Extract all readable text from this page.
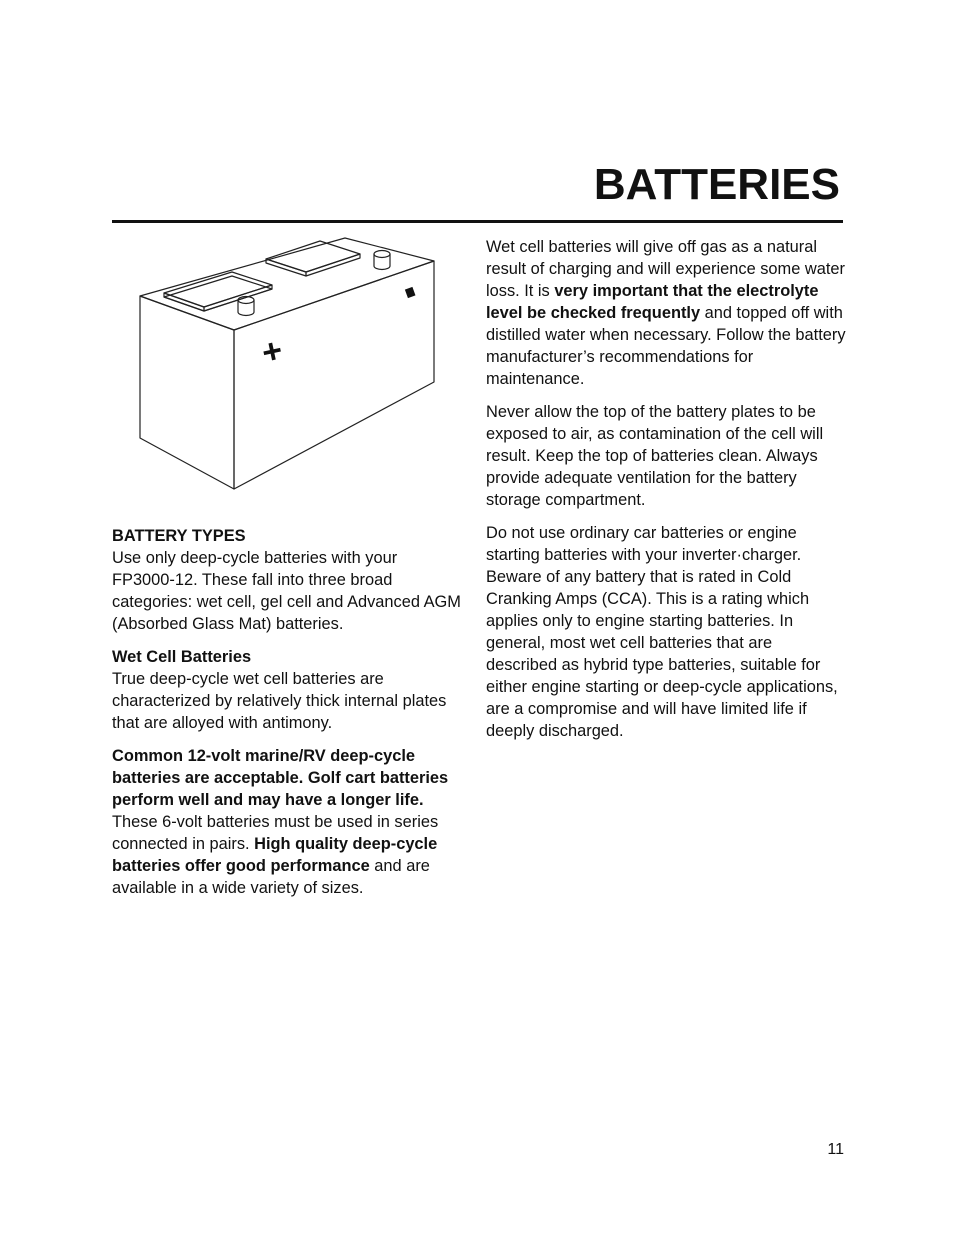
BATTERIES
+
BATTERY TYPES

Use only deep-cycle batteries with your FP3000-12. These fall into three broad categories: wet cell, gel cell and Advanced AGM (Absorbed Glass Mat) batteries.

Wet Cell Batteries

True deep-cycle wet cell batteries are characterized by relatively thick internal plates that are alloyed with antimony.

Common 12-volt marine/RV deep-cycle batteries are acceptable. Golf cart batteries perform well and may have a longer life. These 6-volt batteries must be used in series connected in pairs. High quality deep-cycle batteries offer good performance and are available in a wide variety of sizes.

Wet cell batteries will give off gas as a natural result of charging and will experience some water loss. It is very important that the electrolyte level be checked frequently and topped off with distilled water when necessary. Follow the battery manufacturer’s recommendations for maintenance.

Never allow the top of the battery plates to be exposed to air, as contamination of the cell will result. Keep the top of batteries clean. Always provide adequate ventilation for the battery storage compartment.

Do not use ordinary car batteries or engine starting batteries with your inverter·charger. Beware of any battery that is rated in Cold Cranking Amps (CCA). This is a rating which applies only to engine starting batteries. In general, most wet cell batteries that are described as hybrid type batteries, suitable for either engine starting or deep-cycle applications, are a compromise and will have limited life if deeply discharged.

11
